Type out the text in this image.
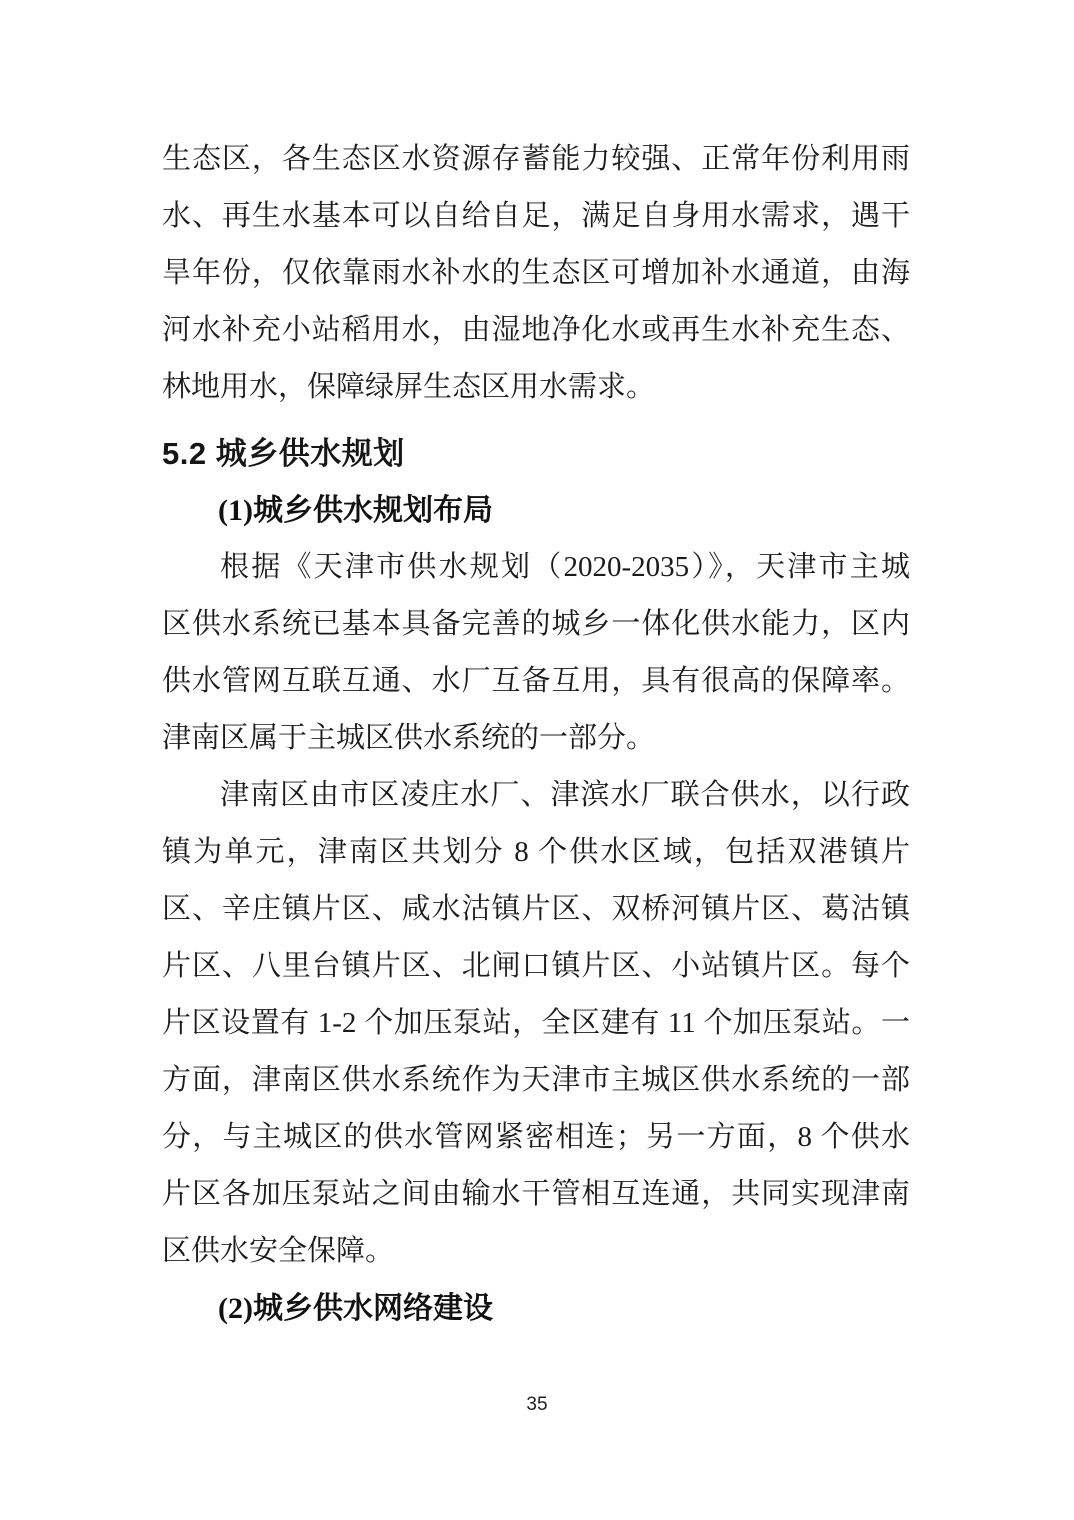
生态区，各生态区水资源存蓄能力较强、正常年份利用雨
水、再生水基本可以自给自足，满足自身用水需求，遇干
旱年份，仅依靠雨水补水的生态区可增加补水通道，由海
河水补充小站稻用水，由湿地净化水或再生水补充生态、
林地用水，保障绿屏生态区用水需求。
5.2 城乡供水规划
(1)城乡供水规划布局
根据《天津市供水规划（2020-2035）》，天津市主城
区供水系统已基本具备完善的城乡一体化供水能力，区内
供水管网互联互通、水厂互备互用，具有很高的保障率。
津南区属于主城区供水系统的一部分。
津南区由市区凌庄水厂、津滨水厂联合供水，以行政
镇为单元，津南区共划分 8 个供水区域，包括双港镇片
区、辛庄镇片区、咸水沽镇片区、双桥河镇片区、葛沽镇
片区、八里台镇片区、北闸口镇片区、小站镇片区。每个
片区设置有 1-2 个加压泵站，全区建有 11 个加压泵站。一
方面，津南区供水系统作为天津市主城区供水系统的一部
分，与主城区的供水管网紧密相连；另一方面，8 个供水
片区各加压泵站之间由输水干管相互连通，共同实现津南
区供水安全保障。
(2)城乡供水网络建设
35
